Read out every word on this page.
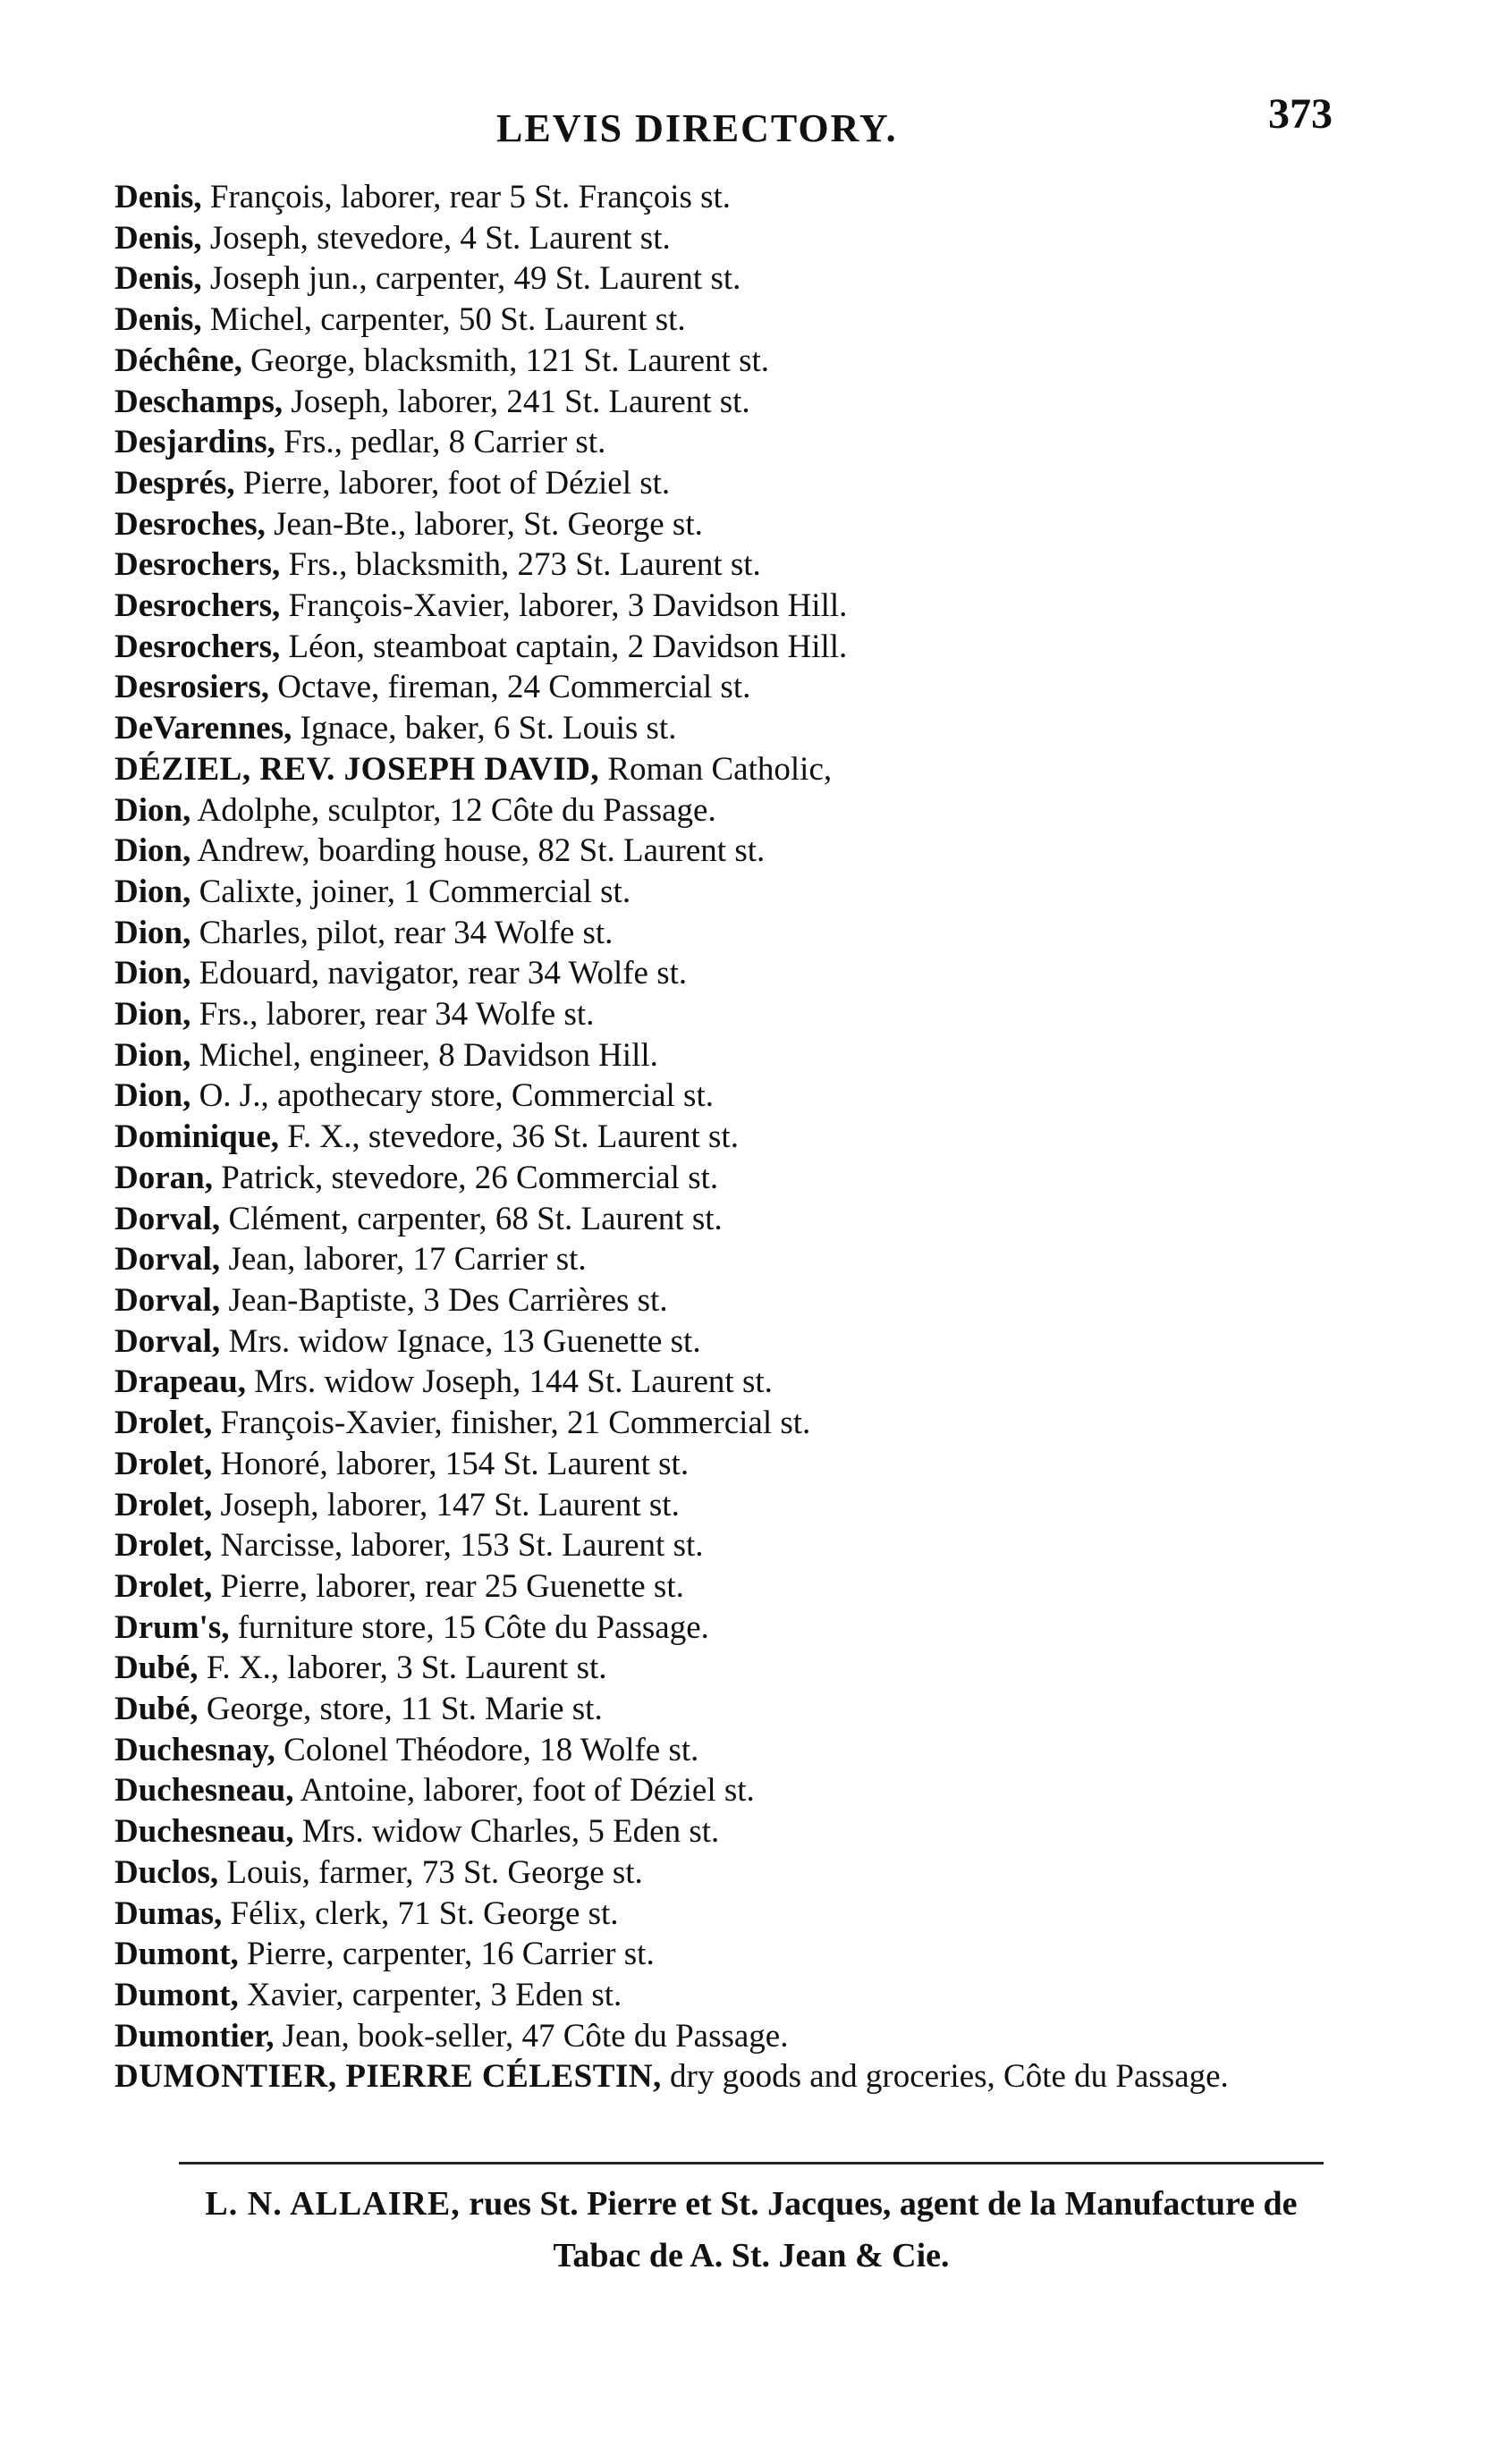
373
LEVIS DIRECTORY.
Denis, François, laborer, rear 5 St. François st.
Denis, Joseph, stevedore, 4 St. Laurent st.
Denis, Joseph jun., carpenter, 49 St. Laurent st.
Denis, Michel, carpenter, 50 St. Laurent st.
Déchêne, George, blacksmith, 121 St. Laurent st.
Deschamps, Joseph, laborer, 241 St. Laurent st.
Desjardins, Frs., pedlar, 8 Carrier st.
Després, Pierre, laborer, foot of Déziel st.
Desroches, Jean-Bte., laborer, St. George st.
Desrochers, Frs., blacksmith, 273 St. Laurent st.
Desrochers, François-Xavier, laborer, 3 Davidson Hill.
Desrochers, Léon, steamboat captain, 2 Davidson Hill.
Desrosiers, Octave, fireman, 24 Commercial st.
DeVarennes, Ignace, baker, 6 St. Louis st.
DÉZIEL, REV. JOSEPH DAVID, Roman Catholic,
Dion, Adolphe, sculptor, 12 Côte du Passage.
Dion, Andrew, boarding house, 82 St. Laurent st.
Dion, Calixte, joiner, 1 Commercial st.
Dion, Charles, pilot, rear 34 Wolfe st.
Dion, Edouard, navigator, rear 34 Wolfe st.
Dion, Frs., laborer, rear 34 Wolfe st.
Dion, Michel, engineer, 8 Davidson Hill.
Dion, O. J., apothecary store, Commercial st.
Dominique, F. X., stevedore, 36 St. Laurent st.
Doran, Patrick, stevedore, 26 Commercial st.
Dorval, Clément, carpenter, 68 St. Laurent st.
Dorval, Jean, laborer, 17 Carrier st.
Dorval, Jean-Baptiste, 3 Des Carrières st.
Dorval, Mrs. widow Ignace, 13 Guenette st.
Drapeau, Mrs. widow Joseph, 144 St. Laurent st.
Drolet, François-Xavier, finisher, 21 Commercial st.
Drolet, Honoré, laborer, 154 St. Laurent st.
Drolet, Joseph, laborer, 147 St. Laurent st.
Drolet, Narcisse, laborer, 153 St. Laurent st.
Drolet, Pierre, laborer, rear 25 Guenette st.
Drum's, furniture store, 15 Côte du Passage.
Dubé, F. X., laborer, 3 St. Laurent st.
Dubé, George, store, 11 St. Marie st.
Duchesnay, Colonel Théodore, 18 Wolfe st.
Duchesneau, Antoine, laborer, foot of Déziel st.
Duchesneau, Mrs. widow Charles, 5 Eden st.
Duclos, Louis, farmer, 73 St. George st.
Dumas, Félix, clerk, 71 St. George st.
Dumont, Pierre, carpenter, 16 Carrier st.
Dumont, Xavier, carpenter, 3 Eden st.
Dumontier, Jean, book-seller, 47 Côte du Passage.
DUMONTIER, PIERRE CÉLESTIN, dry goods and groceries, Côte du Passage.
L. N. ALLAIRE, rues St. Pierre et St. Jacques, agent de la Manufacture de Tabac de A. St. Jean & Cie.
